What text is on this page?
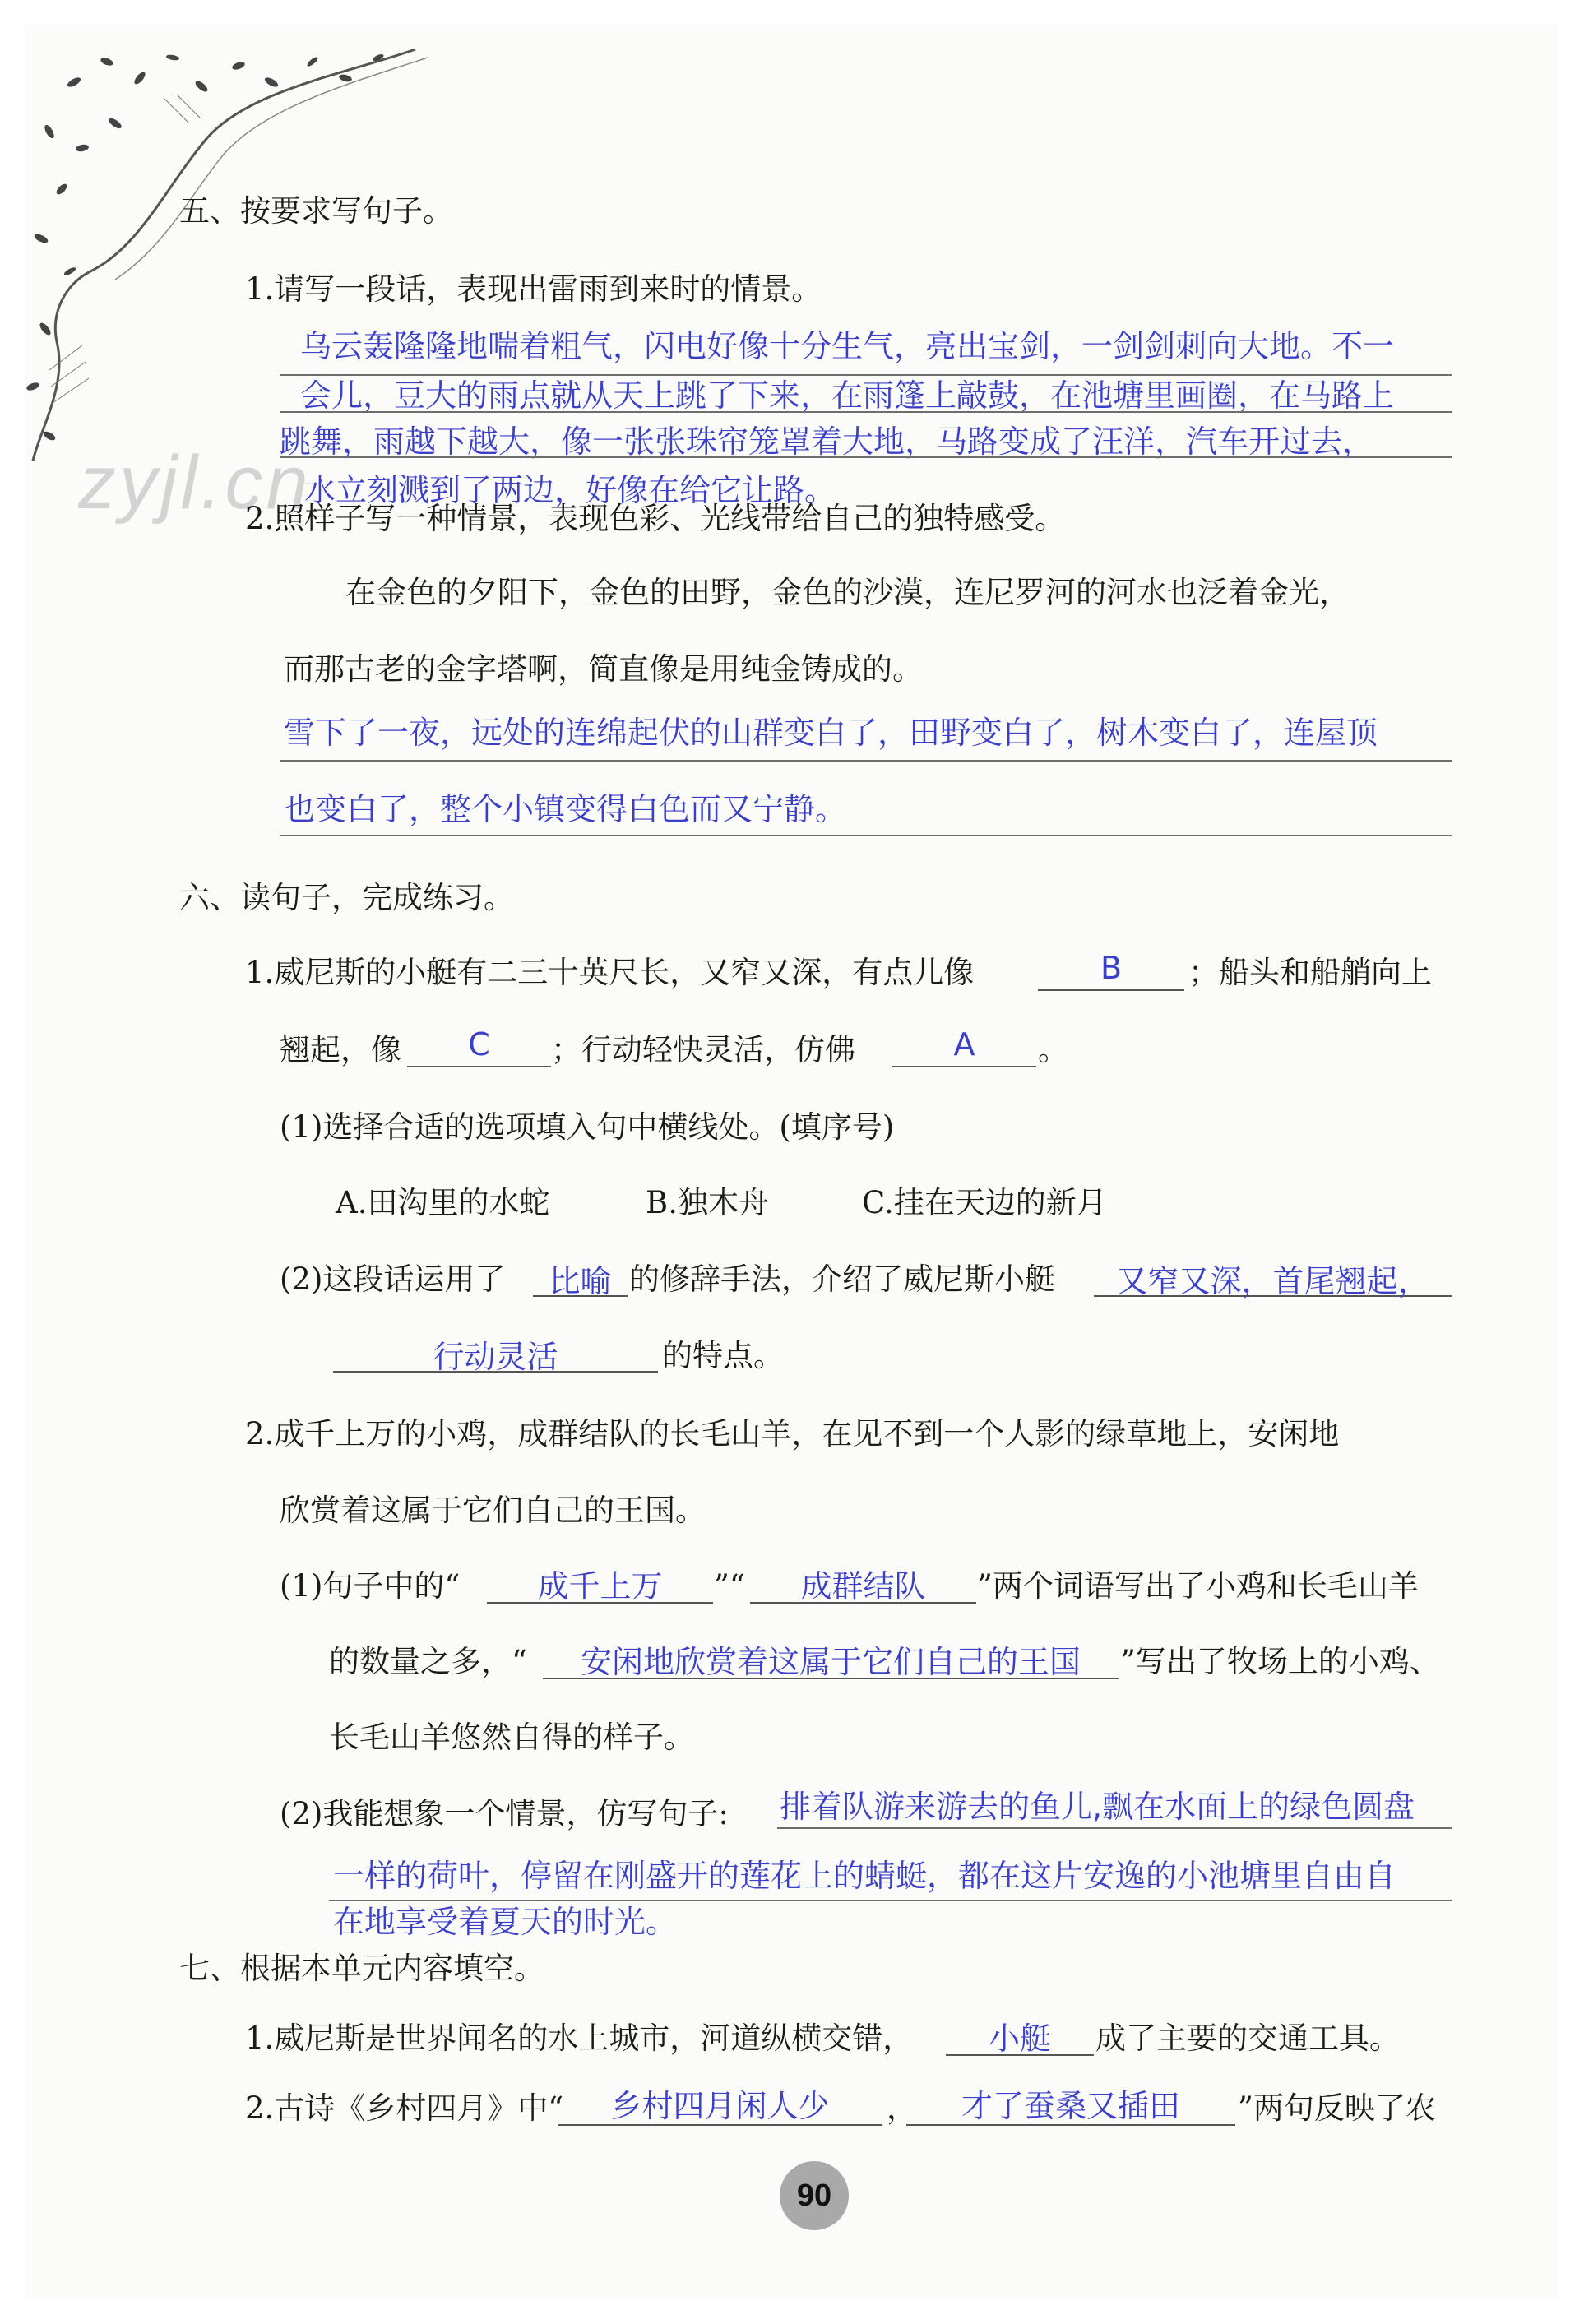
zyjl.cn
五、按要求写句子。
1.请写一段话，表现出雷雨到来时的情景。
乌云轰隆隆地喘着粗气，闪电好像十分生气，亮出宝剑，一剑剑刺向大地。不一
会儿，豆大的雨点就从天上跳了下来，在雨篷上敲鼓，在池塘里画圈，在马路上
跳舞，雨越下越大，像一张张珠帘笼罩着大地，马路变成了汪洋，汽车开过去，
水立刻溅到了两边，好像在给它让路。
2.照样子写一种情景，表现色彩、光线带给自己的独特感受。
在金色的夕阳下，金色的田野，金色的沙漠，连尼罗河的河水也泛着金光，
而那古老的金字塔啊，简直像是用纯金铸成的。
雪下了一夜，远处的连绵起伏的山群变白了，田野变白了，树木变白了，连屋顶
也变白了，整个小镇变得白色而又宁静。
六、读句子，完成练习。
1.威尼斯的小艇有二三十英尺长，又窄又深，有点儿像	B	；船头和船艄向上
翘起，像	C	；行动轻快灵活，仿佛	A	。
(1)选择合适的选项填入句中横线处。(填序号)
A.田沟里的水蛇	B.独木舟	C.挂在天边的新月
(2)这段话运用了	比喻 的修辞手法，介绍了威尼斯小艇	又窄又深，首尾翘起，
行动灵活	的特点。
2.成千上万的小鸡，成群结队的长毛山羊，在见不到一个人影的绿草地上，安闲地
欣赏着这属于它们自己的王国。
(1)句子中的“	成千上万	”“	成群结队	”两个词语写出了小鸡和长毛山羊
的数量之多，“	安闲地欣赏着这属于它们自己的王国	”写出了牧场上的小鸡、
长毛山羊悠然自得的样子。
(2)我能想象一个情景，仿写句子: 排着队游来游去的鱼儿,飘在水面上的绿色圆盘
一样的荷叶，停留在刚盛开的莲花上的蜻蜓，都在这片安逸的小池塘里自由自
在地享受着夏天的时光。
七、根据本单元内容填空。
1.威尼斯是世界闻名的水上城市，河道纵横交错，	小艇	成了主要的交通工具。
2.古诗《乡村四月》中“	乡村四月闲人少	，	才了蚕桑又插田	”两句反映了农
90
